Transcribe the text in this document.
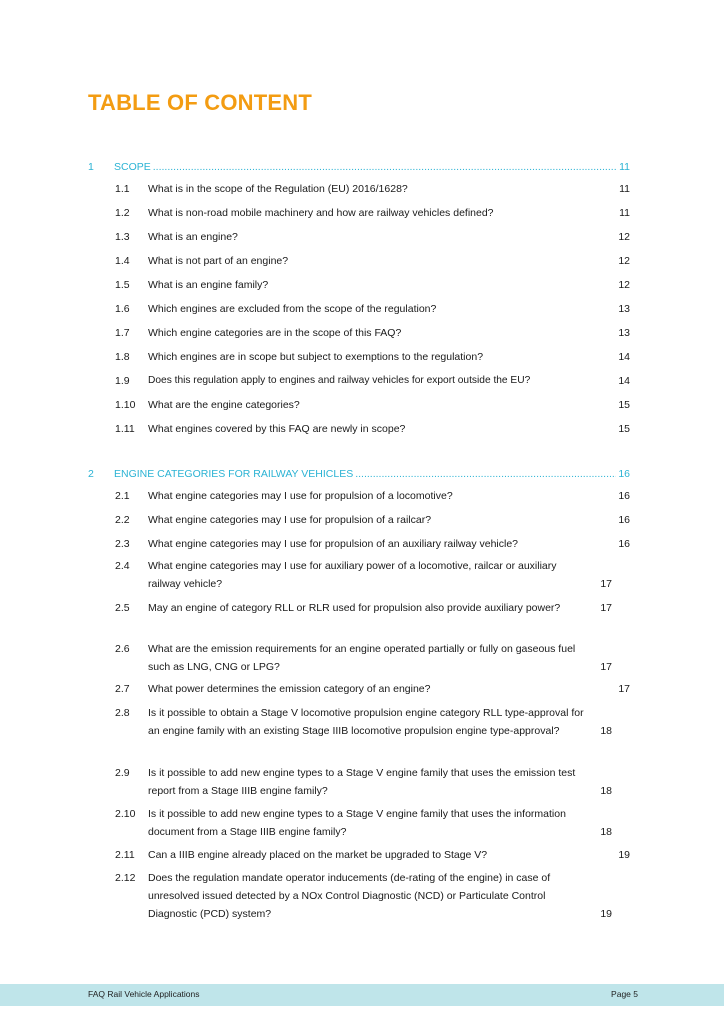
TABLE OF CONTENT
1	SCOPE .....	11
1.1	What is in the scope of the Regulation (EU) 2016/1628?	11
1.2	What is non-road mobile machinery and how are railway vehicles defined?	11
1.3	What is an engine?	12
1.4	What is not part of an engine?	12
1.5	What is an engine family?	12
1.6	Which engines are excluded from the scope of the regulation?	13
1.7	Which engine categories are in the scope of this FAQ?	13
1.8	Which engines are in scope but subject to exemptions to the regulation?	14
1.9	Does this regulation apply to engines and railway vehicles for export outside the EU?	14
1.10	What are the engine categories?	15
1.11	What engines covered by this FAQ are newly in scope?	15
2	ENGINE CATEGORIES FOR RAILWAY VEHICLES .....	16
2.1	What engine categories may I use for propulsion of a locomotive?	16
2.2	What engine categories may I use for propulsion of a railcar?	16
2.3	What engine categories may I use for propulsion of an auxiliary railway vehicle?	16
2.4	What engine categories may I use for auxiliary power of a locomotive, railcar or auxiliary railway vehicle?	17
2.5	May an engine of category RLL or RLR used for propulsion also provide auxiliary power?	17
2.6	What are the emission requirements for an engine operated partially or fully on gaseous fuel such as LNG, CNG or LPG?	17
2.7	What power determines the emission category of an engine?	17
2.8	Is it possible to obtain a Stage V locomotive propulsion engine category RLL type-approval for an engine family with an existing Stage IIIB locomotive propulsion engine type-approval?	18
2.9	Is it possible to add new engine types to a Stage V engine family that uses the emission test report from a Stage IIIB engine family?	18
2.10	Is it possible to add new engine types to a Stage V engine family that uses the information document from a Stage IIIB engine family?	18
2.11	Can a IIIB engine already placed on the market be upgraded to Stage V?	19
2.12	Does the regulation mandate operator inducements (de-rating of the engine) in case of unresolved issued detected by a NOx Control Diagnostic (NCD) or Particulate Control Diagnostic (PCD) system?	19
FAQ Rail Vehicle Applications	Page 5
